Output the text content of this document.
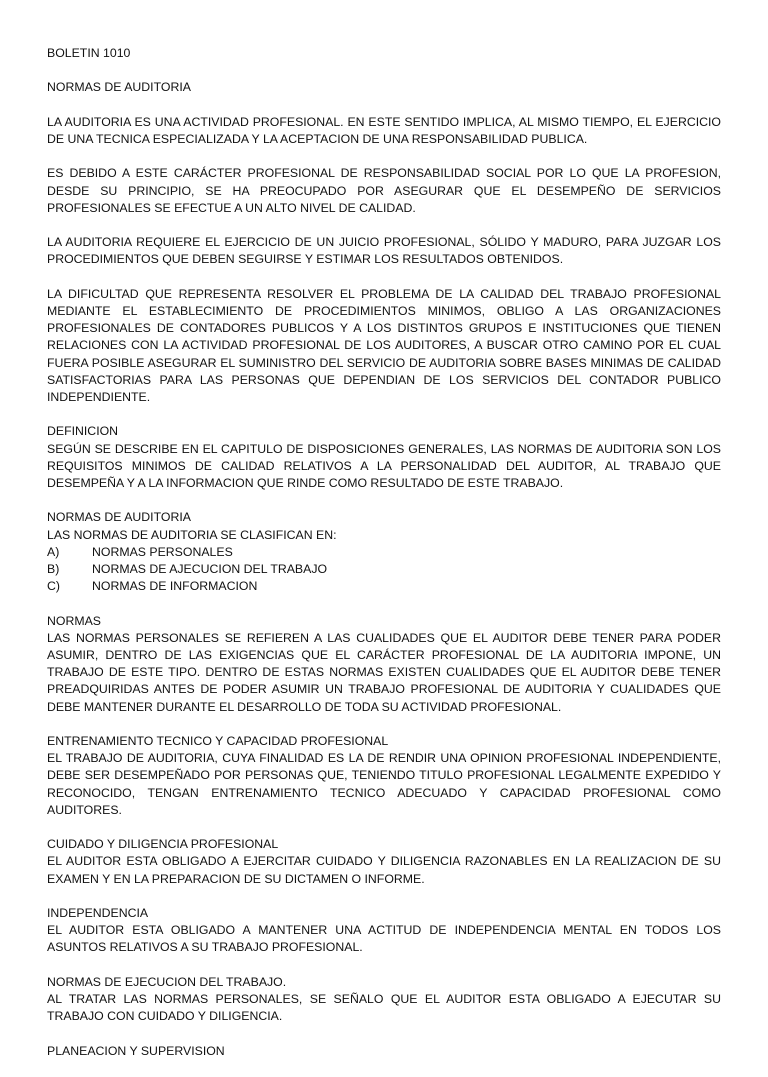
BOLETIN 1010

NORMAS DE AUDITORIA

LA AUDITORIA ES UNA ACTIVIDAD PROFESIONAL. EN ESTE SENTIDO IMPLICA, AL MISMO TIEMPO, EL EJERCICIO DE UNA TECNICA ESPECIALIZADA Y LA ACEPTACION DE UNA RESPONSABILIDAD PUBLICA.

ES DEBIDO A ESTE CARÁCTER PROFESIONAL DE RESPONSABILIDAD SOCIAL POR LO QUE LA PROFESION, DESDE SU PRINCIPIO, SE HA PREOCUPADO POR ASEGURAR QUE EL DESEMPEÑO DE SERVICIOS PROFESIONALES SE EFECTUE A UN ALTO NIVEL DE CALIDAD.

LA AUDITORIA REQUIERE EL EJERCICIO DE UN JUICIO PROFESIONAL, SÓLIDO Y MADURO, PARA JUZGAR LOS PROCEDIMIENTOS QUE DEBEN SEGUIRSE Y ESTIMAR LOS RESULTADOS OBTENIDOS.

LA DIFICULTAD QUE REPRESENTA RESOLVER EL PROBLEMA DE LA CALIDAD DEL TRABAJO PROFESIONAL MEDIANTE EL ESTABLECIMIENTO DE PROCEDIMIENTOS MINIMOS, OBLIGO A LAS ORGANIZACIONES PROFESIONALES DE CONTADORES PUBLICOS Y A LOS DISTINTOS GRUPOS E INSTITUCIONES QUE TIENEN RELACIONES CON LA ACTIVIDAD PROFESIONAL DE LOS AUDITORES, A BUSCAR OTRO CAMINO POR EL CUAL FUERA POSIBLE ASEGURAR EL SUMINISTRO DEL SERVICIO DE AUDITORIA SOBRE BASES MINIMAS DE CALIDAD SATISFACTORIAS PARA LAS PERSONAS QUE DEPENDIAN DE LOS SERVICIOS DEL CONTADOR PUBLICO INDEPENDIENTE.

DEFINICION

SEGÚN SE DESCRIBE EN EL CAPITULO DE DISPOSICIONES GENERALES, LAS NORMAS DE AUDITORIA SON LOS REQUISITOS MINIMOS DE CALIDAD RELATIVOS A LA PERSONALIDAD DEL AUDITOR, AL TRABAJO QUE DESEMPEÑA Y A LA INFORMACION QUE RINDE COMO RESULTADO DE ESTE TRABAJO.

NORMAS DE AUDITORIA

LAS NORMAS DE AUDITORIA SE CLASIFICAN EN:

A)	NORMAS PERSONALES
B)	NORMAS DE AJECUCION DEL TRABAJO
C)	NORMAS DE INFORMACION

NORMAS

LAS NORMAS PERSONALES SE REFIEREN A LAS CUALIDADES QUE EL AUDITOR DEBE TENER PARA PODER ASUMIR, DENTRO DE LAS EXIGENCIAS QUE EL CARÁCTER PROFESIONAL DE LA AUDITORIA IMPONE, UN TRABAJO DE ESTE TIPO. DENTRO DE ESTAS NORMAS EXISTEN CUALIDADES QUE EL AUDITOR DEBE TENER PREADQUIRIDAS ANTES DE PODER ASUMIR UN TRABAJO PROFESIONAL DE AUDITORIA Y CUALIDADES QUE DEBE MANTENER DURANTE EL DESARROLLO DE TODA SU ACTIVIDAD PROFESIONAL.

ENTRENAMIENTO TECNICO Y CAPACIDAD PROFESIONAL

EL TRABAJO DE AUDITORIA, CUYA FINALIDAD ES LA DE RENDIR UNA OPINION PROFESIONAL INDEPENDIENTE, DEBE SER DESEMPEÑADO POR PERSONAS QUE, TENIENDO TITULO PROFESIONAL LEGALMENTE EXPEDIDO Y RECONOCIDO, TENGAN ENTRENAMIENTO TECNICO ADECUADO Y CAPACIDAD PROFESIONAL COMO AUDITORES.

CUIDADO Y DILIGENCIA PROFESIONAL

EL AUDITOR ESTA OBLIGADO A EJERCITAR CUIDADO Y DILIGENCIA RAZONABLES EN LA REALIZACION DE SU EXAMEN Y EN LA PREPARACION DE SU DICTAMEN O INFORME.

INDEPENDENCIA

EL AUDITOR ESTA OBLIGADO A MANTENER UNA ACTITUD DE INDEPENDENCIA MENTAL EN TODOS LOS ASUNTOS RELATIVOS A SU TRABAJO PROFESIONAL.

NORMAS DE EJECUCION DEL TRABAJO.

AL TRATAR LAS NORMAS PERSONALES, SE SEÑALO QUE EL AUDITOR ESTA OBLIGADO A EJECUTAR SU TRABAJO CON CUIDADO Y DILIGENCIA.

PLANEACION Y SUPERVISION
